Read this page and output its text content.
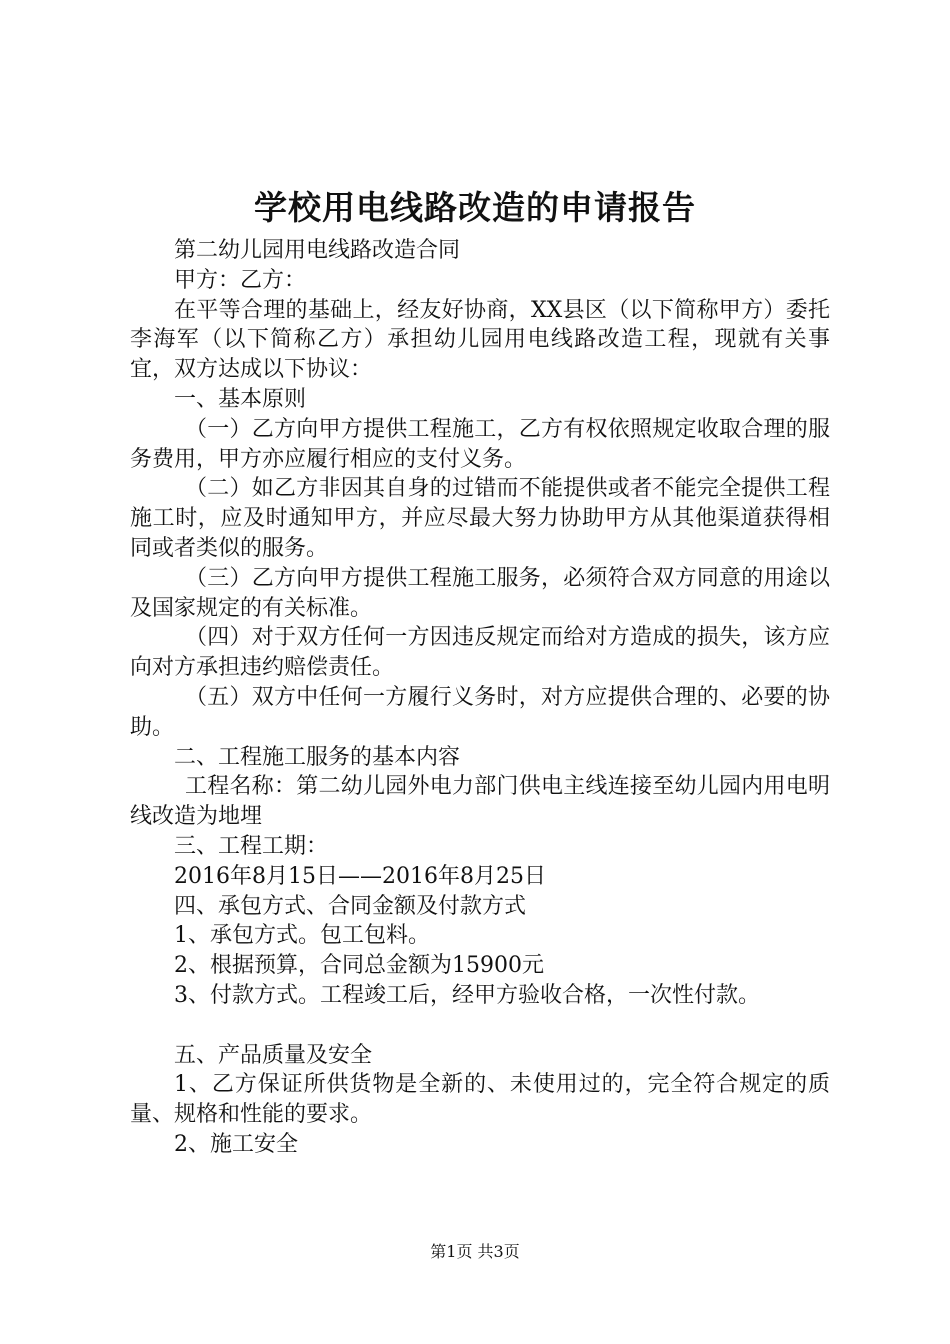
学校用电线路改造的申请报告

第二幼儿园用电线路改造合同

甲方：乙方：

在平等合理的基础上，经友好协商，XX县区（以下简称甲方）委托李海军（以下简称乙方）承担幼儿园用电线路改造工程，现就有关事宜，双方达成以下协议：

一、基本原则

（一）乙方向甲方提供工程施工，乙方有权依照规定收取合理的服务费用，甲方亦应履行相应的支付义务。

（二）如乙方非因其自身的过错而不能提供或者不能完全提供工程施工时，应及时通知甲方，并应尽最大努力协助甲方从其他渠道获得相同或者类似的服务。

（三）乙方向甲方提供工程施工服务，必须符合双方同意的用途以及国家规定的有关标准。

（四）对于双方任何一方因违反规定而给对方造成的损失，该方应向对方承担违约赔偿责任。

（五）双方中任何一方履行义务时，对方应提供合理的、必要的协助。

二、工程施工服务的基本内容

工程名称：第二幼儿园外电力部门供电主线连接至幼儿园内用电明线改造为地埋

三、工程工期：

2016年8月15日——2016年8月25日

四、承包方式、合同金额及付款方式

1、承包方式。包工包料。

2、根据预算，合同总金额为15900元

3、付款方式。工程竣工后，经甲方验收合格，一次性付款。

五、产品质量及安全

1、乙方保证所供货物是全新的、未使用过的，完全符合规定的质量、规格和性能的要求。

2、施工安全

第1页 共3页
